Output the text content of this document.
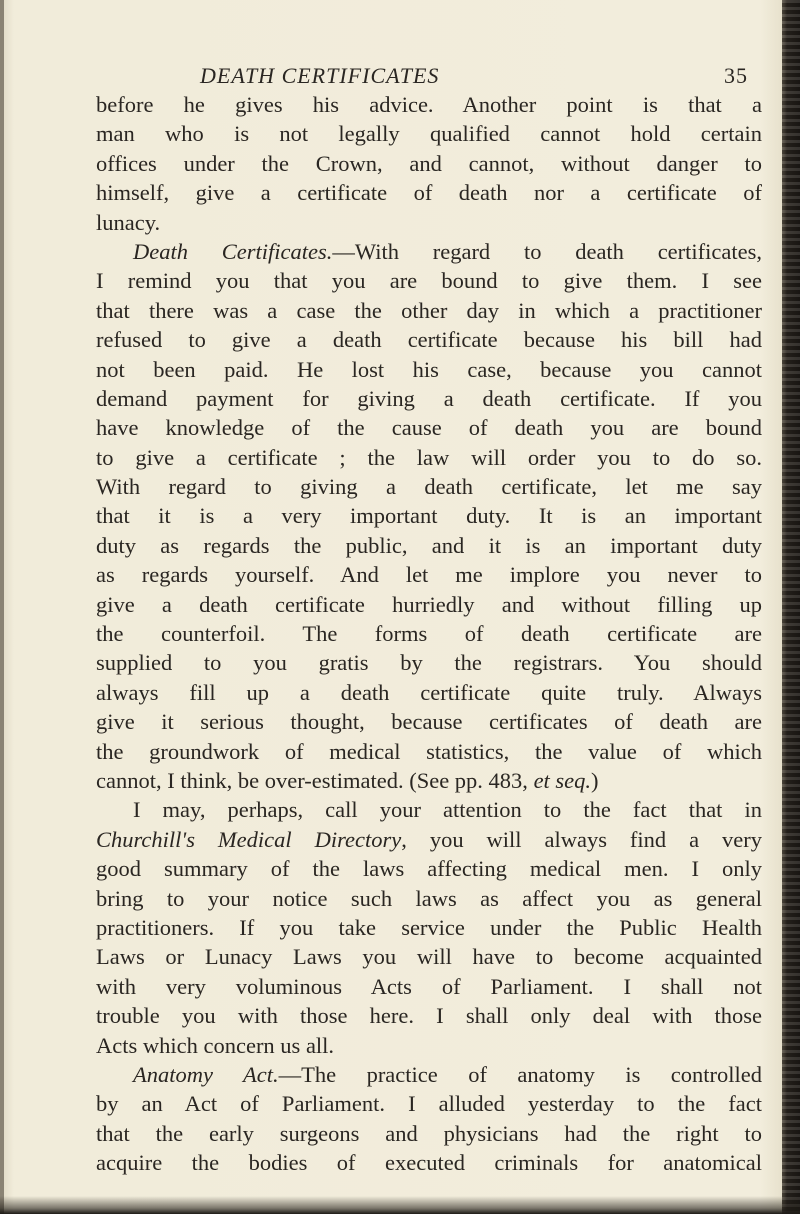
DEATH CERTIFICATES	35
before he gives his advice. Another point is that a
man who is not legally qualified cannot hold certain
offices under the Crown, and cannot, without danger to
himself, give a certificate of death nor a certificate of
lunacy.
Death Certificates.—With regard to death certificates,
I remind you that you are bound to give them. I see
that there was a case the other day in which a practitioner
refused to give a death certificate because his bill had
not been paid. He lost his case, because you cannot
demand payment for giving a death certificate. If you
have knowledge of the cause of death you are bound
to give a certificate ; the law will order you to do so.
With regard to giving a death certificate, let me say
that it is a very important duty. It is an important
duty as regards the public, and it is an important duty
as regards yourself. And let me implore you never to
give a death certificate hurriedly and without filling up
the counterfoil. The forms of death certificate are
supplied to you gratis by the registrars. You should
always fill up a death certificate quite truly. Always
give it serious thought, because certificates of death are
the groundwork of medical statistics, the value of which
cannot, I think, be over-estimated. (See pp. 483, et seq.)
I may, perhaps, call your attention to the fact that in
Churchill's Medical Directory, you will always find a very
good summary of the laws affecting medical men. I only
bring to your notice such laws as affect you as general
practitioners. If you take service under the Public Health
Laws or Lunacy Laws you will have to become acquainted
with very voluminous Acts of Parliament. I shall not
trouble you with those here. I shall only deal with those
Acts which concern us all.
Anatomy Act.—The practice of anatomy is controlled
by an Act of Parliament. I alluded yesterday to the fact
that the early surgeons and physicians had the right to
acquire the bodies of executed criminals for anatomical
